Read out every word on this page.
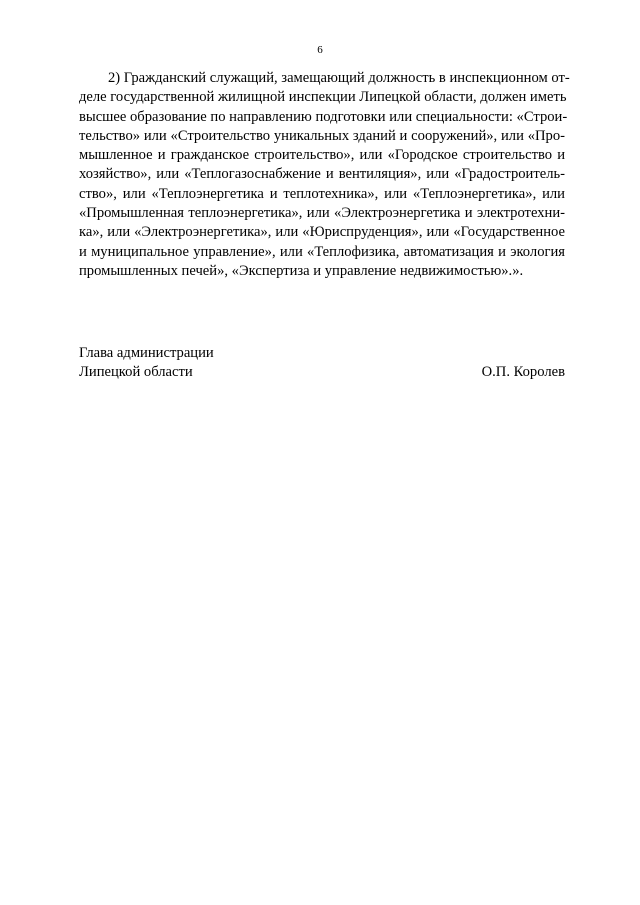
6
2) Гражданский служащий, замещающий должность в инспекционном от-
деле государственной жилищной инспекции Липецкой области, должен иметь
высшее образование по направлению подготовки или специальности: «Строи-
тельство» или «Строительство уникальных зданий и сооружений», или «Про-
мышленное и гражданское строительство», или «Городское строительство и
хозяйство», или «Теплогазоснабжение и вентиляция», или «Градостроитель-
ство», или «Теплоэнергетика и теплотехника», или «Теплоэнергетика», или
«Промышленная теплоэнергетика», или «Электроэнергетика и электротехни-
ка», или «Электроэнергетика», или «Юриспруденция», или «Государственное
и муниципальное управление», или «Теплофизика, автоматизация и экология
промышленных печей», «Экспертиза и управление недвижимостью».».
Глава администрации
Липецкой области	О.П. Королев
